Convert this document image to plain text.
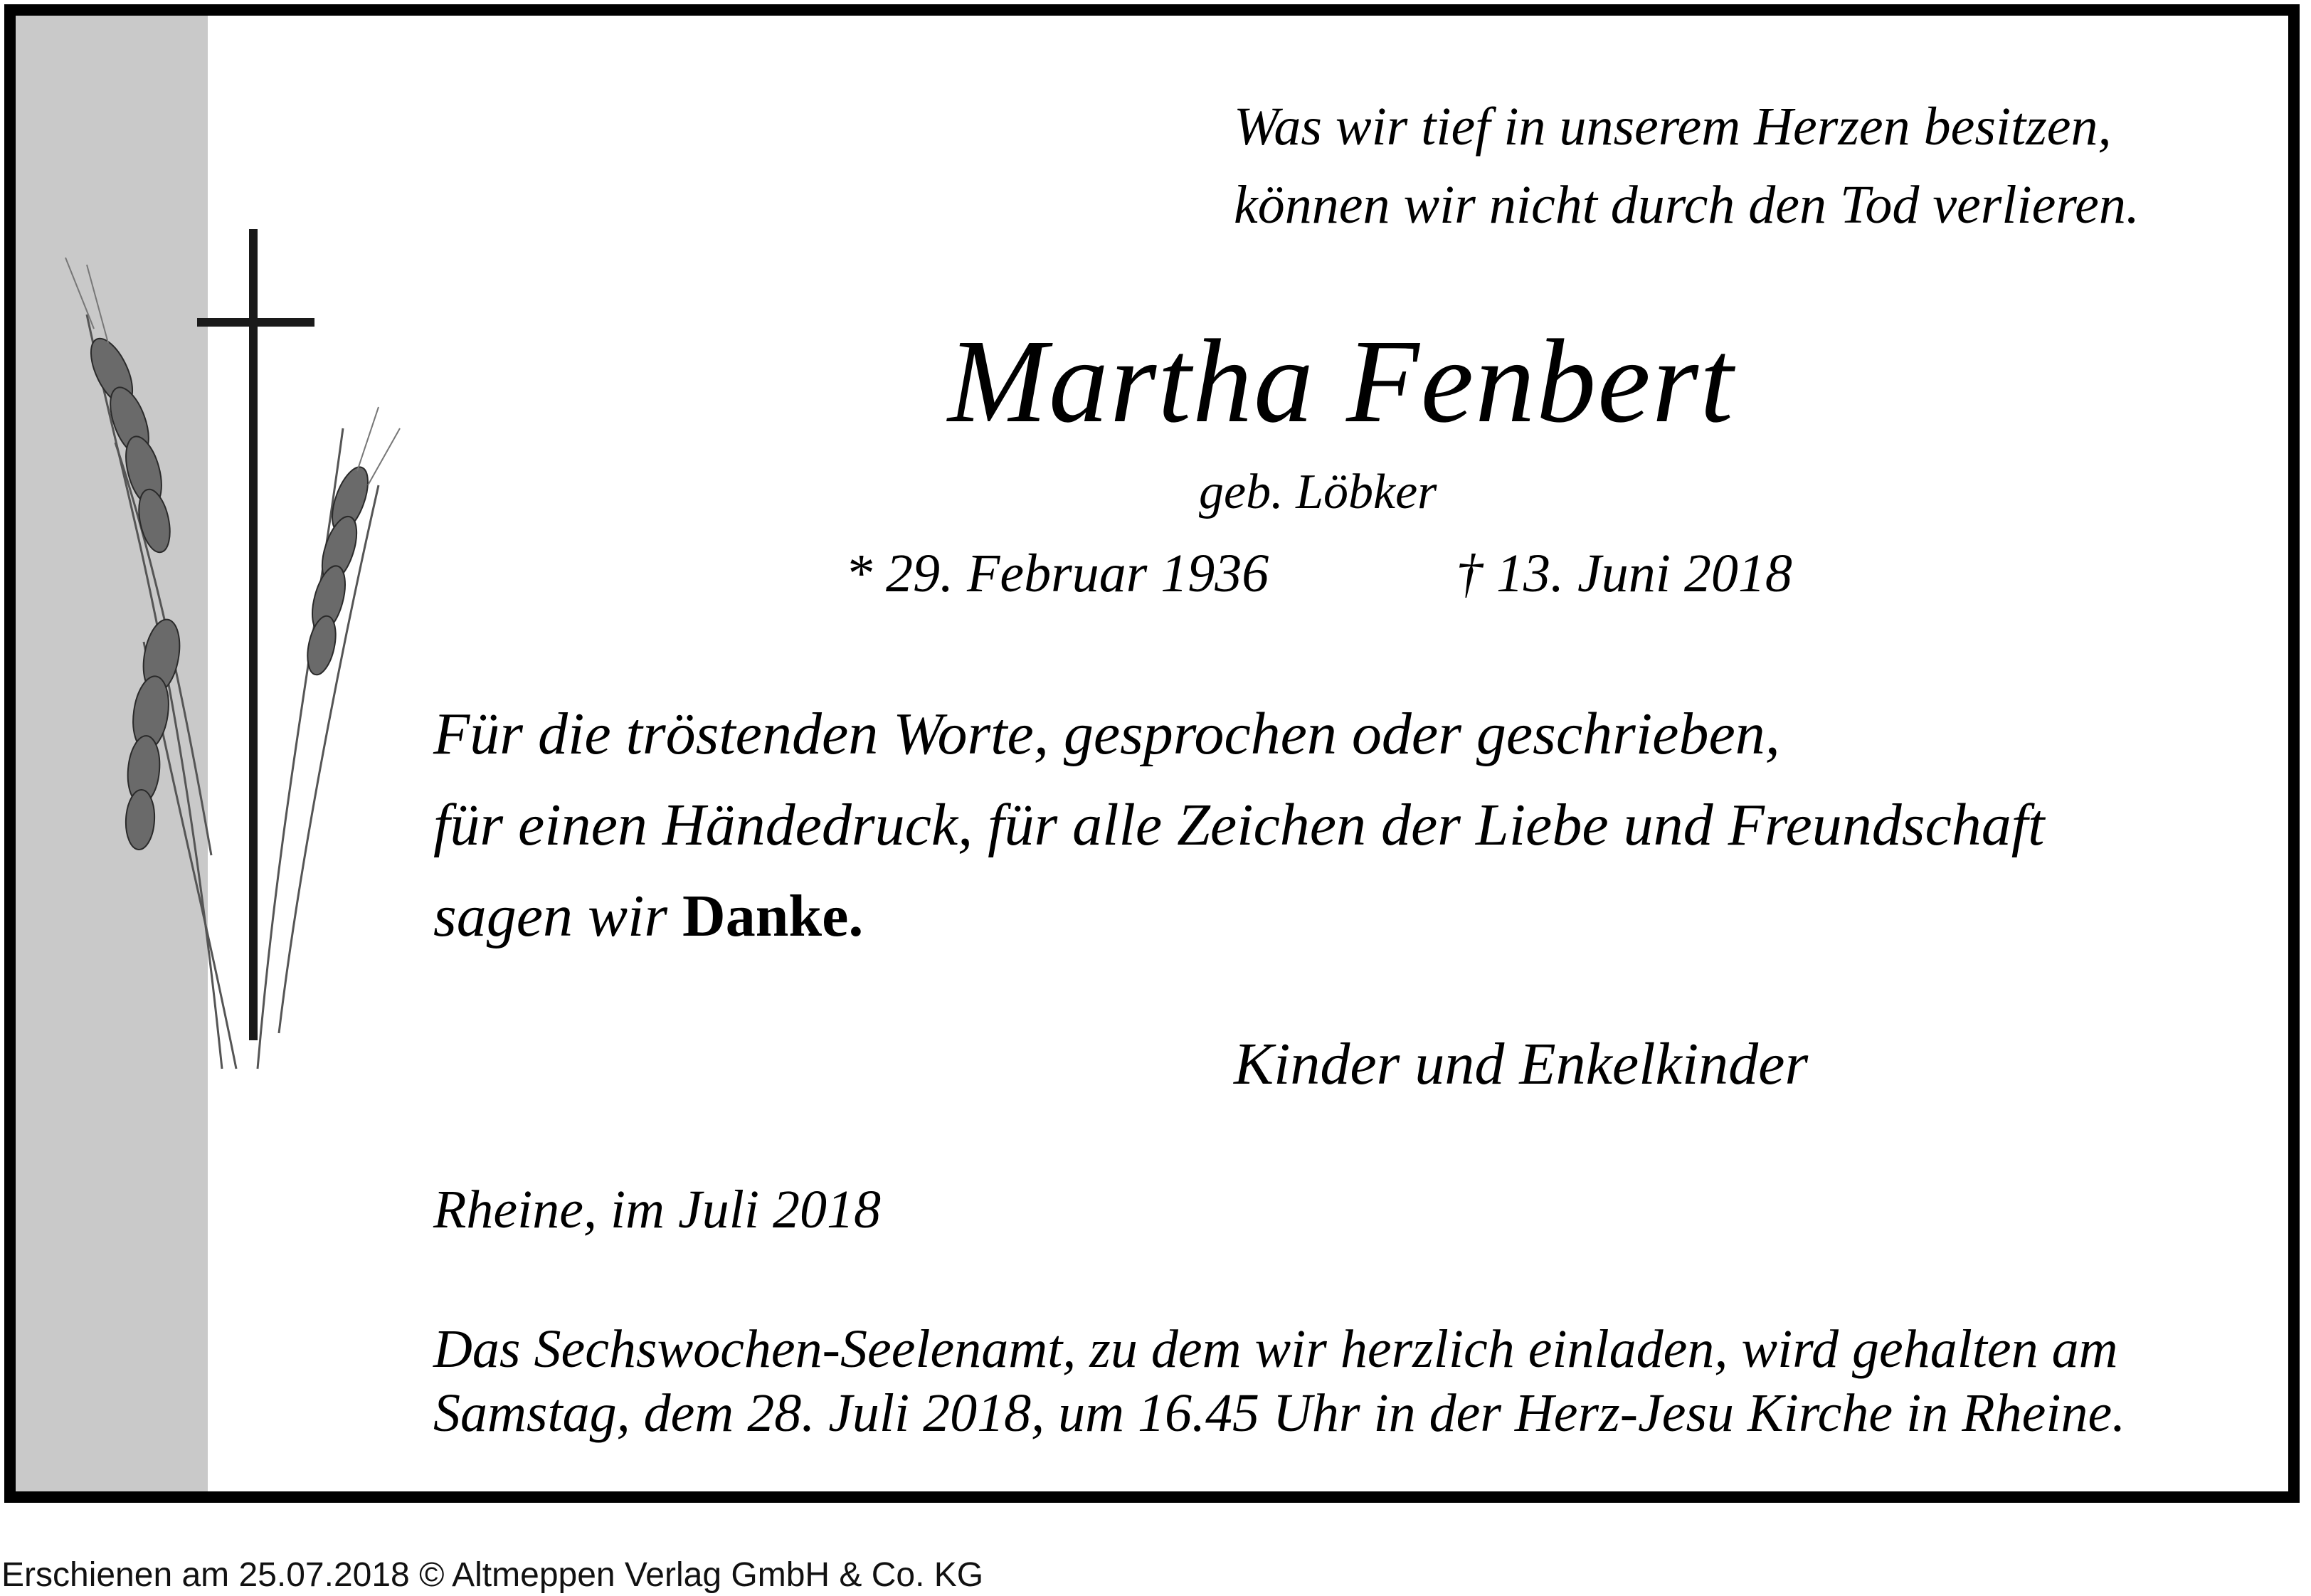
Was wir tief in unserem Herzen besitzen,
können wir nicht durch den Tod verlieren.
Martha Fenbert
geb. Löbker
* 29. Februar 1936	† 13. Juni 2018
Für die tröstenden Worte, gesprochen oder geschrieben,
für einen Händedruck, für alle Zeichen der Liebe und Freundschaft
sagen wir Danke.
Kinder und Enkelkinder
Rheine, im Juli 2018
Das Sechswochen-Seelenamt, zu dem wir herzlich einladen, wird gehalten am
Samstag, dem 28. Juli 2018, um 16.45 Uhr in der Herz-Jesu Kirche in Rheine.
Erschienen am 25.07.2018 © Altmeppen Verlag GmbH & Co. KG
